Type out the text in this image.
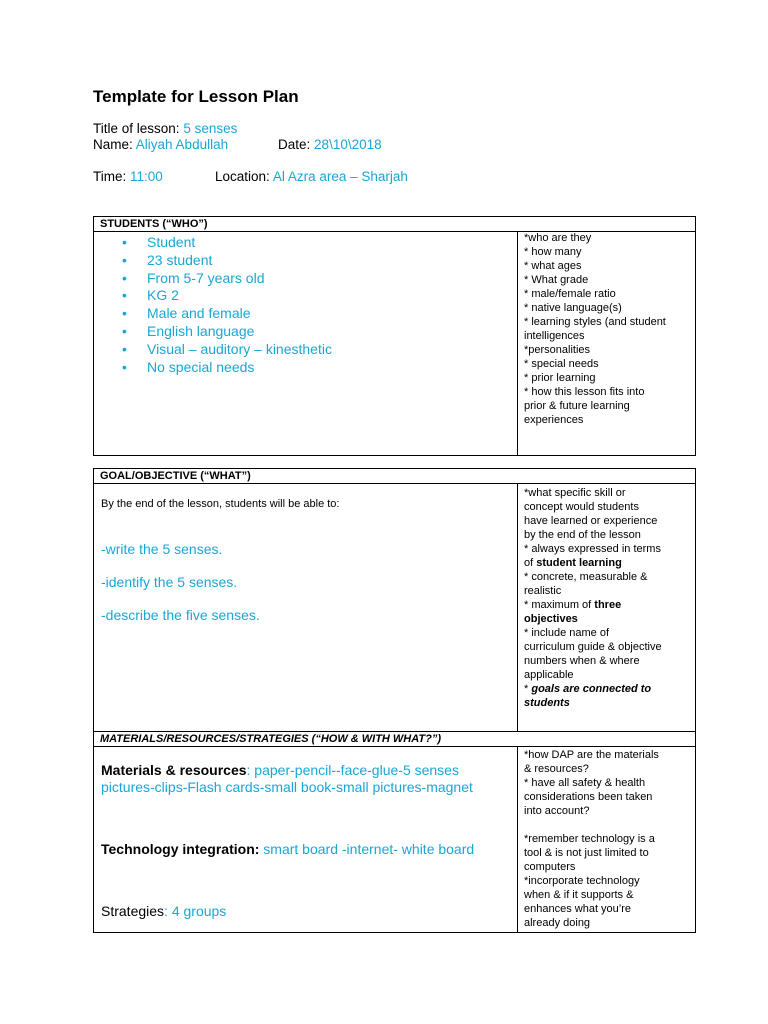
Template for Lesson Plan
Title of lesson: 5 senses
Name: Aliyah Abdullah	Date: 28\10\2018
Time: 11:00	Location: Al Azra area – Sharjah
STUDENTS (“WHO”)
• Student
• 23 student
• From 5-7 years old
• KG 2
• Male and female
• English language
• Visual – auditory – kinesthetic
• No special needs
*who are they
* how many
* what ages
* What grade
* male/female ratio
* native language(s)
* learning styles (and student
intelligences
*personalities
* special needs
* prior learning
* how this lesson fits into
prior & future learning
experiences
GOAL/OBJECTIVE (“WHAT”)
By the end of the lesson, students will be able to:
-write the 5 senses.
-identify the 5 senses.
-describe the five senses.
*what specific skill or
concept would students
have learned or experience
by the end of the lesson
* always expressed in terms
of student learning
* concrete, measurable &
realistic
* maximum of three
objectives
* include name of
curriculum guide & objective
numbers when & where
applicable
* goals are connected to
students
MATERIALS/RESOURCES/STRATEGIES (“HOW & WITH WHAT?”)
Materials & resources: paper-pencil--face-glue-5 senses
pictures-clips-Flash cards-small book-small pictures-magnet
Technology integration: smart board -internet- white board
Strategies: 4 groups
*how DAP are the materials
& resources?
* have all safety & health
considerations been taken
into account?
*remember technology is a
tool & is not just limited to
computers
*incorporate technology
when & if it supports &
enhances what you’re
already doing
